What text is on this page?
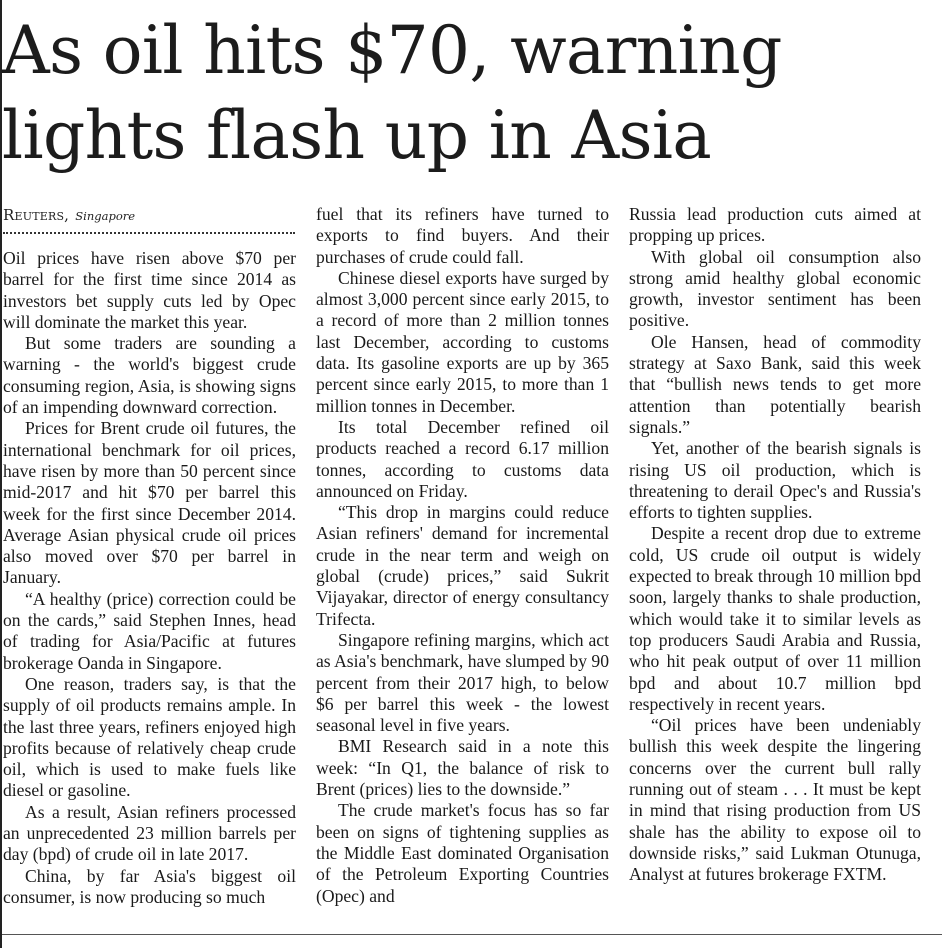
As oil hits $70, warning lights flash up in Asia
Reuters, Singapore

Oil prices have risen above $70 per barrel for the first time since 2014 as investors bet supply cuts led by Opec will dominate the market this year.

But some traders are sounding a warning - the world's biggest crude consuming region, Asia, is showing signs of an impending downward correction.

Prices for Brent crude oil futures, the international benchmark for oil prices, have risen by more than 50 percent since mid-2017 and hit $70 per barrel this week for the first since December 2014. Average Asian physical crude oil prices also moved over $70 per barrel in January.

“A healthy (price) correction could be on the cards,” said Stephen Innes, head of trading for Asia/Pacific at futures brokerage Oanda in Singapore.

One reason, traders say, is that the supply of oil products remains ample. In the last three years, refiners enjoyed high profits because of relatively cheap crude oil, which is used to make fuels like diesel or gasoline.

As a result, Asian refiners processed an unprecedented 23 million barrels per day (bpd) of crude oil in late 2017.

China, by far Asia's biggest oil consumer, is now producing so much

fuel that its refiners have turned to exports to find buyers. And their purchases of crude could fall.

Chinese diesel exports have surged by almost 3,000 percent since early 2015, to a record of more than 2 million tonnes last December, according to customs data. Its gasoline exports are up by 365 percent since early 2015, to more than 1 million tonnes in December.

Its total December refined oil products reached a record 6.17 million tonnes, according to customs data announced on Friday.

“This drop in margins could reduce Asian refiners' demand for incremental crude in the near term and weigh on global (crude) prices,” said Sukrit Vijayakar, director of energy consultancy Trifecta.

Singapore refining margins, which act as Asia's benchmark, have slumped by 90 percent from their 2017 high, to below $6 per barrel this week - the lowest seasonal level in five years.

BMI Research said in a note this week: “In Q1, the balance of risk to Brent (prices) lies to the downside.”

The crude market's focus has so far been on signs of tightening supplies as the Middle East dominated Organisation of the Petroleum Exporting Countries (Opec) and

Russia lead production cuts aimed at propping up prices.

With global oil consumption also strong amid healthy global economic growth, investor sentiment has been positive.

Ole Hansen, head of commodity strategy at Saxo Bank, said this week that “bullish news tends to get more attention than potentially bearish signals.”

Yet, another of the bearish signals is rising US oil production, which is threatening to derail Opec's and Russia's efforts to tighten supplies.

Despite a recent drop due to extreme cold, US crude oil output is widely expected to break through 10 million bpd soon, largely thanks to shale production, which would take it to similar levels as top producers Saudi Arabia and Russia, who hit peak output of over 11 million bpd and about 10.7 million bpd respectively in recent years.

“Oil prices have been undeniably bullish this week despite the lingering concerns over the current bull rally running out of steam . . . It must be kept in mind that rising production from US shale has the ability to expose oil to downside risks,” said Lukman Otunuga, Analyst at futures brokerage FXTM.
